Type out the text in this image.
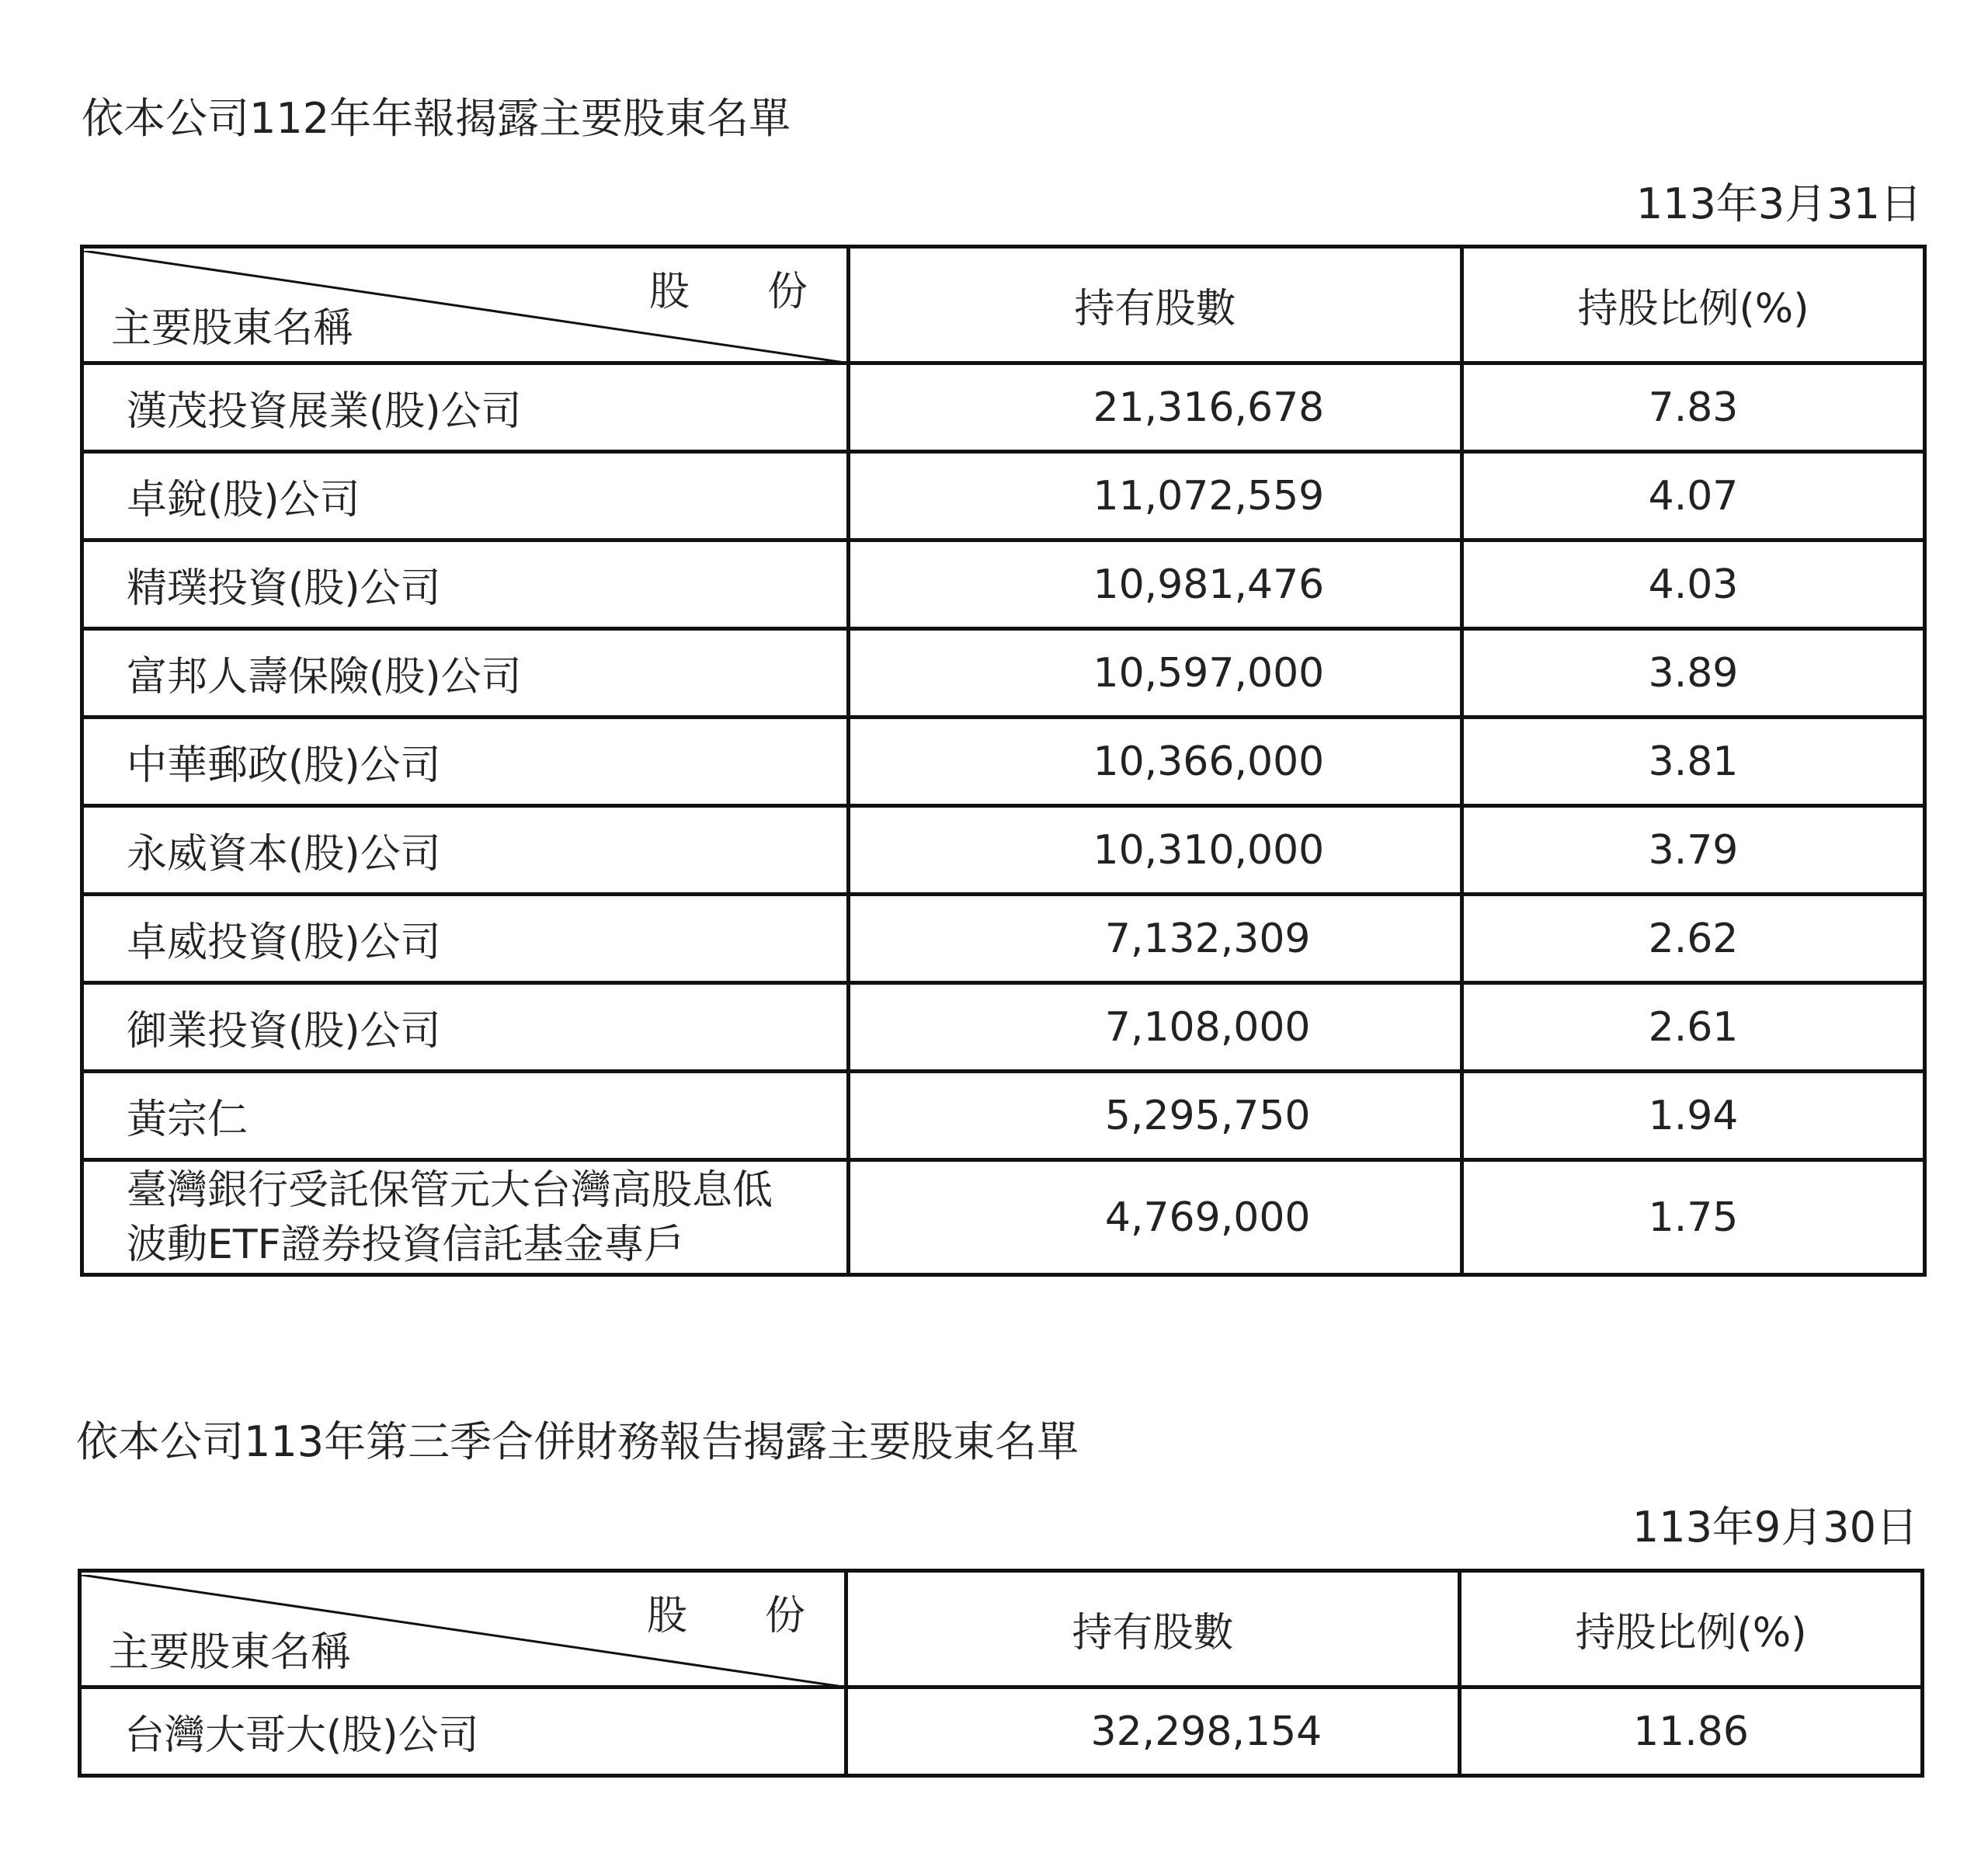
依本公司112年年報揭露主要股東名單
113年3月31日
股 份
主要股東名稱	持有股數	持股比例(%)
漢茂投資展業(股)公司	21,316,678	7.83
卓銳(股)公司	11,072,559	4.07
精璞投資(股)公司	10,981,476	4.03
富邦人壽保險(股)公司	10,597,000	3.89
中華郵政(股)公司	10,366,000	3.81
永威資本(股)公司	10,310,000	3.79
卓威投資(股)公司	7,132,309	2.62
御業投資(股)公司	7,108,000	2.61
黃宗仁	5,295,750	1.94

臺灣銀行受託保管元大台灣高股息低
波動ETF證券投資信託基金專戶	4,769,000	1.75
依本公司113年第三季合併財務報告揭露主要股東名單
113年9月30日
股 份
主要股東名稱	持有股數	持股比例(%)
台灣大哥大(股)公司	32,298,154	11.86
